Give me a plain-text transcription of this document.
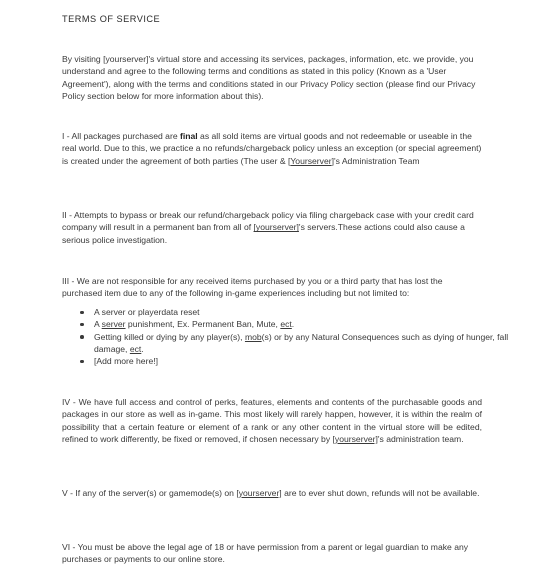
TERMS OF SERVICE

By visiting [yourserver]'s virtual store and accessing its services, packages, information, etc. we provide, you understand and agree to the following terms and conditions as stated in this policy (Known as a 'User Agreement'), along with the terms and conditions stated in our Privacy Policy section (please find our Privacy Policy section below for more information about this).

I - All packages purchased are final as all sold items are virtual goods and not redeemable or useable in the real world. Due to this, we practice a no refunds/chargeback policy unless an exception (or special agreement) is created under the agreement of both parties (The user & [Yourserver]'s Administration Team

II - Attempts to bypass or break our refund/chargeback policy via filing chargeback case with your credit card company will result in a permanent ban from all of [yourserver]'s servers.These actions could also cause a serious police investigation.

III - We are not responsible for any received items purchased by you or a third party that has lost the purchased item due to any of the following in-game experiences including but not limited to:

A server or playerdata reset
A server punishment, Ex. Permanent Ban, Mute, ect.
Getting killed or dying by any player(s), mob(s) or by any Natural Consequences such as dying of hunger, fall damage, ect.
[Add more here!]

IV - We have full access and control of perks, features, elements and contents of the purchasable goods and packages in our store as well as in-game. This most likely will rarely happen, however, it is within the realm of possibility that a certain feature or element of a rank or any other content in the virtual store will be edited, refined to work differently, be fixed or removed, if chosen necessary by [yourserver]'s administration team.

V - If any of the server(s) or gamemode(s) on [yourserver] are to ever shut down, refunds will not be available.

VI - You must be above the legal age of 18 or have permission from a parent or legal guardian to make any purchases or payments to our online store.
